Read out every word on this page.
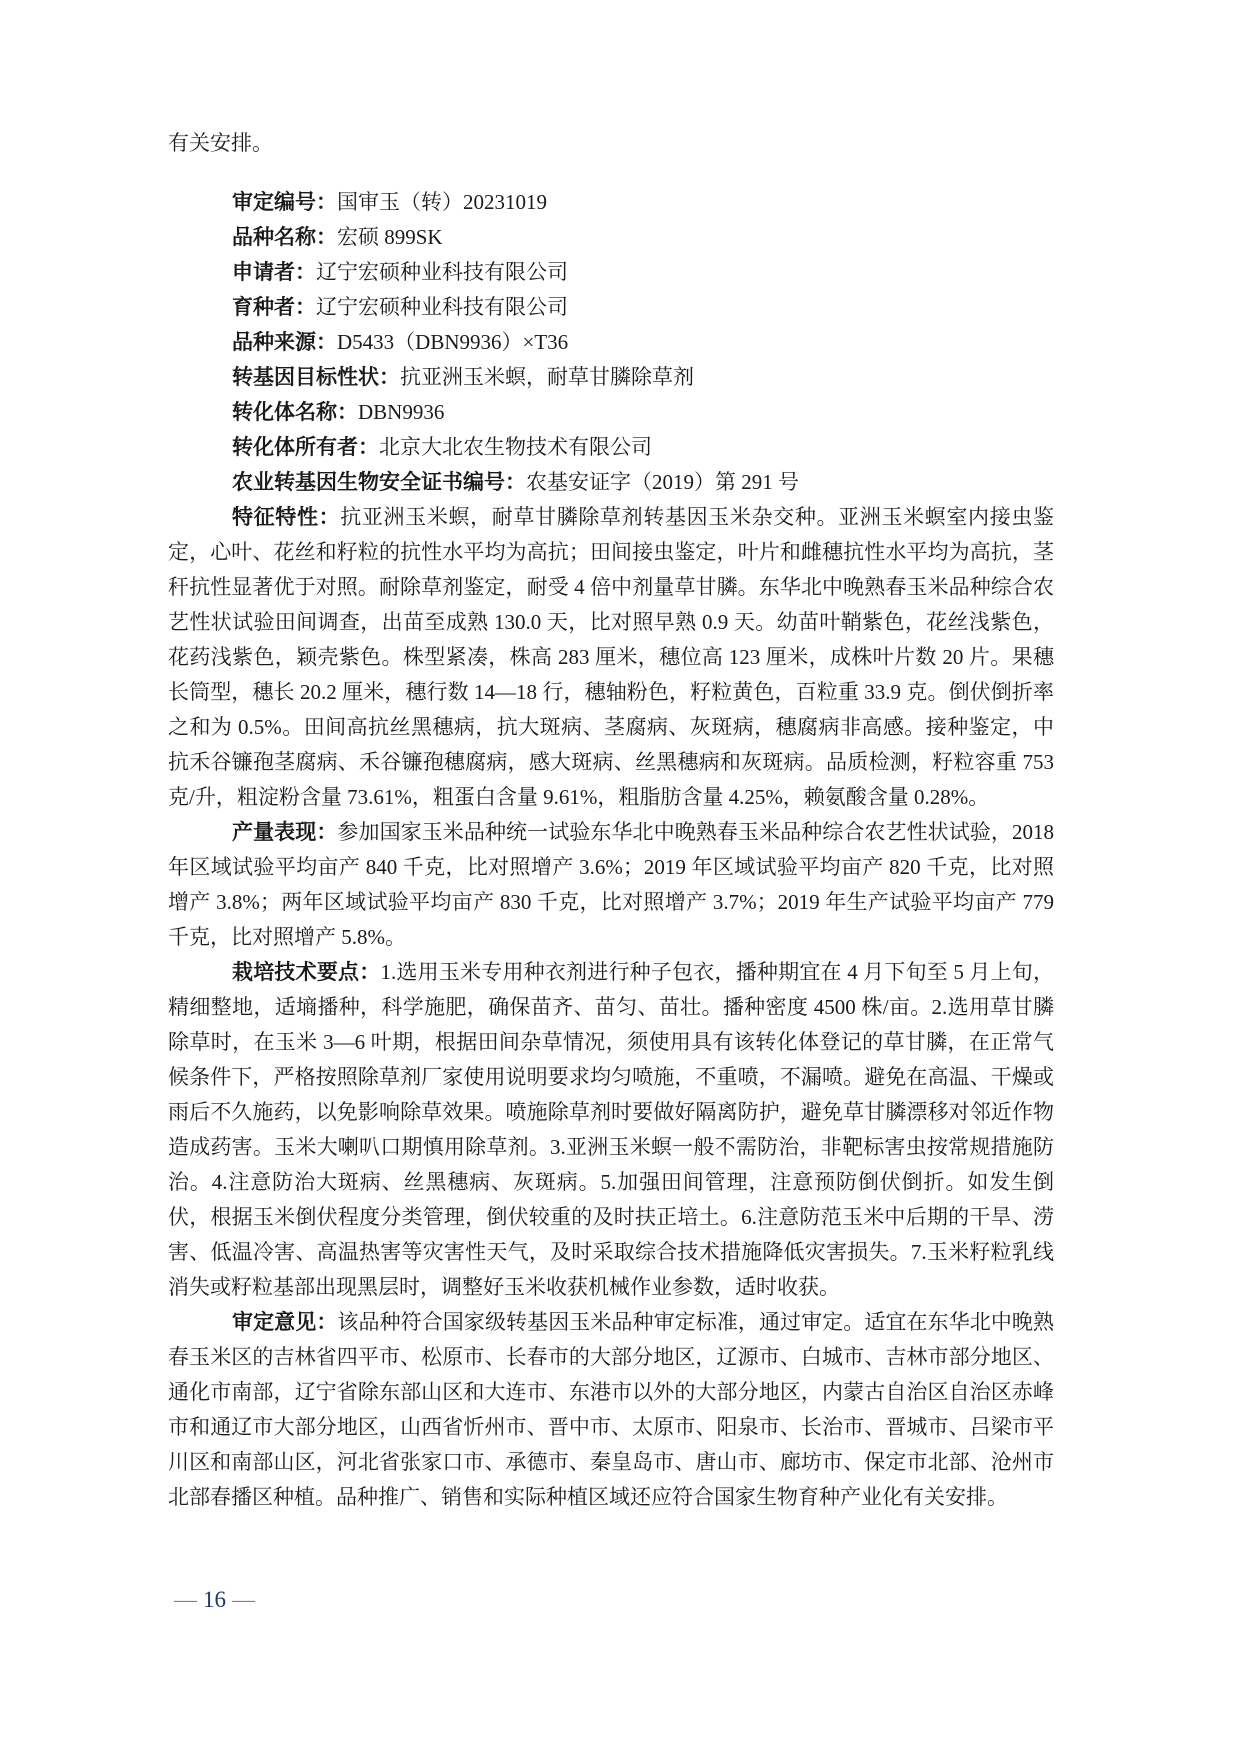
有关安排。
审定编号：国审玉（转）20231019
品种名称：宏硕 899SK
申请者：辽宁宏硕种业科技有限公司
育种者：辽宁宏硕种业科技有限公司
品种来源：D5433（DBN9936）×T36
转基因目标性状：抗亚洲玉米螟，耐草甘膦除草剂
转化体名称：DBN9936
转化体所有者：北京大北农生物技术有限公司
农业转基因生物安全证书编号：农基安证字（2019）第 291 号

特征特性：抗亚洲玉米螟，耐草甘膦除草剂转基因玉米杂交种。亚洲玉米螟室内接虫鉴定，心叶、花丝和籽粒的抗性水平均为高抗；田间接虫鉴定，叶片和雌穗抗性水平均为高抗，茎秆抗性显著优于对照。耐除草剂鉴定，耐受 4 倍中剂量草甘膦。东华北中晚熟春玉米品种综合农艺性状试验田间调查，出苗至成熟 130.0 天，比对照早熟 0.9 天。幼苗叶鞘紫色，花丝浅紫色，花药浅紫色，颖壳紫色。株型紧凑，株高 283 厘米，穗位高 123 厘米，成株叶片数 20 片。果穗长筒型，穗长 20.2 厘米，穗行数 14—18 行，穗轴粉色，籽粒黄色，百粒重 33.9 克。倒伏倒折率之和为 0.5%。田间高抗丝黑穗病，抗大斑病、茎腐病、灰斑病，穗腐病非高感。接种鉴定，中抗禾谷镰孢茎腐病、禾谷镰孢穗腐病，感大斑病、丝黑穗病和灰斑病。品质检测，籽粒容重 753 克/升，粗淀粉含量 73.61%，粗蛋白含量 9.61%，粗脂肪含量 4.25%，赖氨酸含量 0.28%。

产量表现：参加国家玉米品种统一试验东华北中晚熟春玉米品种综合农艺性状试验，2018 年区域试验平均亩产 840 千克，比对照增产 3.6%；2019 年区域试验平均亩产 820 千克，比对照增产 3.8%；两年区域试验平均亩产 830 千克，比对照增产 3.7%；2019 年生产试验平均亩产 779 千克，比对照增产 5.8%。

栽培技术要点：1.选用玉米专用种衣剂进行种子包衣，播种期宜在 4 月下旬至 5 月上旬，精细整地，适墒播种，科学施肥，确保苗齐、苗匀、苗壮。播种密度 4500 株/亩。2.选用草甘膦除草时，在玉米 3—6 叶期，根据田间杂草情况，须使用具有该转化体登记的草甘膦，在正常气候条件下，严格按照除草剂厂家使用说明要求均匀喷施，不重喷，不漏喷。避免在高温、干燥或雨后不久施药，以免影响除草效果。喷施除草剂时要做好隔离防护，避免草甘膦漂移对邻近作物造成药害。玉米大喇叭口期慎用除草剂。3.亚洲玉米螟一般不需防治，非靶标害虫按常规措施防治。4.注意防治大斑病、丝黑穗病、灰斑病。5.加强田间管理，注意预防倒伏倒折。如发生倒伏，根据玉米倒伏程度分类管理，倒伏较重的及时扶正培土。6.注意防范玉米中后期的干旱、涝害、低温冷害、高温热害等灾害性天气，及时采取综合技术措施降低灾害损失。7.玉米籽粒乳线消失或籽粒基部出现黑层时，调整好玉米收获机械作业参数，适时收获。

审定意见：该品种符合国家级转基因玉米品种审定标准，通过审定。适宜在东华北中晚熟春玉米区的吉林省四平市、松原市、长春市的大部分地区，辽源市、白城市、吉林市部分地区、通化市南部，辽宁省除东部山区和大连市、东港市以外的大部分地区，内蒙古自治区自治区赤峰市和通辽市大部分地区，山西省忻州市、晋中市、太原市、阳泉市、长治市、晋城市、吕梁市平川区和南部山区，河北省张家口市、承德市、秦皇岛市、唐山市、廊坊市、保定市北部、沧州市北部春播区种植。品种推广、销售和实际种植区域还应符合国家生物育种产业化有关安排。

— 16 —
